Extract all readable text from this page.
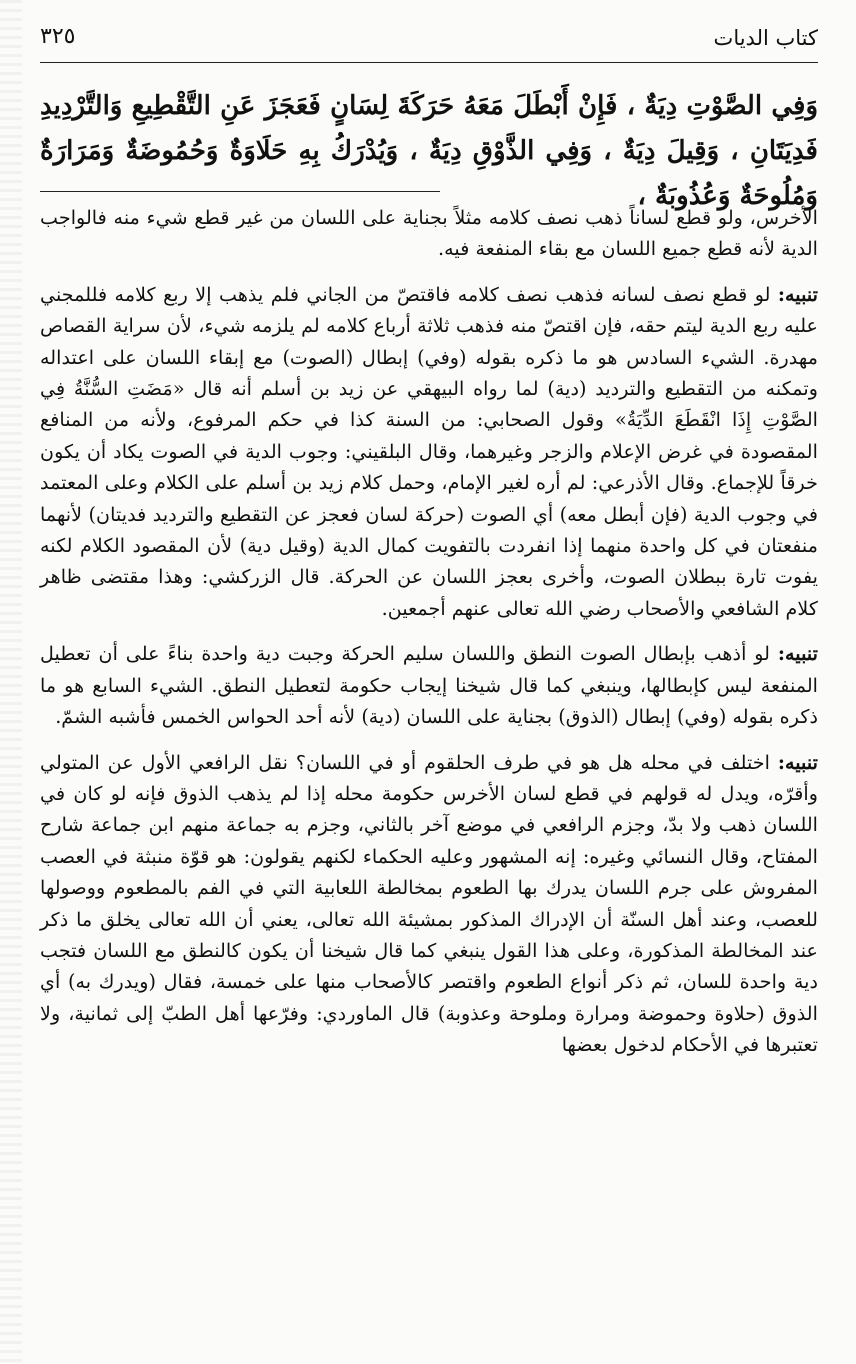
كتاب الديات
٣٢٥
وَفِي الصَّوْتِ دِيَةٌ ، فَإِنْ أَبْطَلَ مَعَهُ حَرَكَةَ لِسَانٍ فَعَجَزَ عَنِ التَّقْطِيعِ وَالتَّرْدِيدِ فَدِيَتَانِ ، وَقِيلَ دِيَةٌ ، وَفِي الذَّوْقِ دِيَةٌ ، وَيُدْرَكُ بِهِ حَلَاوَةٌ وَحُمُوضَةٌ وَمَرَارَةٌ وَمُلُوحَةٌ وَعُذُوبَةٌ ،

الأخرس، ولو قطع لساناً ذهب نصف كلامه مثلاً بجناية على اللسان من غير قطع شيء منه فالواجب الدية لأنه قطع جميع اللسان مع بقاء المنفعة فيه.

تنبيه: لو قطع نصف لسانه فذهب نصف كلامه فاقتصّ من الجاني فلم يذهب إلا ربع كلامه فللمجني عليه ربع الدية ليتم حقه، فإن اقتصّ منه فذهب ثلاثة أرباع كلامه لم يلزمه شيء، لأن سراية القصاص مهدرة. الشيء السادس هو ما ذكره بقوله (وفي) إبطال (الصوت) مع إبقاء اللسان على اعتداله وتمكنه من التقطيع والترديد (دية) لما رواه البيهقي عن زيد بن أسلم أنه قال «مَضَتِ السُّنَّةُ فِي الصَّوْتِ إِذَا انْقَطَعَ الدِّيَةُ» وقول الصحابي: من السنة كذا في حكم المرفوع، ولأنه من المنافع المقصودة في غرض الإعلام والزجر وغيرهما، وقال البلقيني: وجوب الدية في الصوت يكاد أن يكون خرقاً للإجماع. وقال الأذرعي: لم أره لغير الإمام، وحمل كلام زيد بن أسلم على الكلام وعلى المعتمد في وجوب الدية (فإن أبطل معه) أي الصوت (حركة لسان فعجز عن التقطيع والترديد فديتان) لأنهما منفعتان في كل واحدة منهما إذا انفردت بالتفويت كمال الدية (وقيل دية) لأن المقصود الكلام لكنه يفوت تارة ببطلان الصوت، وأخرى بعجز اللسان عن الحركة. قال الزركشي: وهذا مقتضى ظاهر كلام الشافعي والأصحاب رضي الله تعالى عنهم أجمعين.

تنبيه: لو أذهب بإبطال الصوت النطق واللسان سليم الحركة وجبت دية واحدة بناءً على أن تعطيل المنفعة ليس كإبطالها، وينبغي كما قال شيخنا إيجاب حكومة لتعطيل النطق. الشيء السابع هو ما ذكره بقوله (وفي) إبطال (الذوق) بجناية على اللسان (دية) لأنه أحد الحواس الخمس فأشبه الشمّ.

تنبيه: اختلف في محله هل هو في طرف الحلقوم أو في اللسان؟ نقل الرافعي الأول عن المتولي وأقرّه، ويدل له قولهم في قطع لسان الأخرس حكومة محله إذا لم يذهب الذوق فإنه لو كان في اللسان ذهب ولا بدّ، وجزم الرافعي في موضع آخر بالثاني، وجزم به جماعة منهم ابن جماعة شارح المفتاح، وقال النسائي وغيره: إنه المشهور وعليه الحكماء لكنهم يقولون: هو قوّة منبثة في العصب المفروش على جرم اللسان يدرك بها الطعوم بمخالطة اللعابية التي في الفم بالمطعوم ووصولها للعصب، وعند أهل السنّة أن الإدراك المذكور بمشيئة الله تعالى، يعني أن الله تعالى يخلق ما ذكر عند المخالطة المذكورة، وعلى هذا القول ينبغي كما قال شيخنا أن يكون كالنطق مع اللسان فتجب دية واحدة للسان، ثم ذكر أنواع الطعوم واقتصر كالأصحاب منها على خمسة، فقال (ويدرك به) أي الذوق (حلاوة وحموضة ومرارة وملوحة وعذوبة) قال الماوردي: وفرّعها أهل الطبّ إلى ثمانية، ولا تعتبرها في الأحكام لدخول بعضها
